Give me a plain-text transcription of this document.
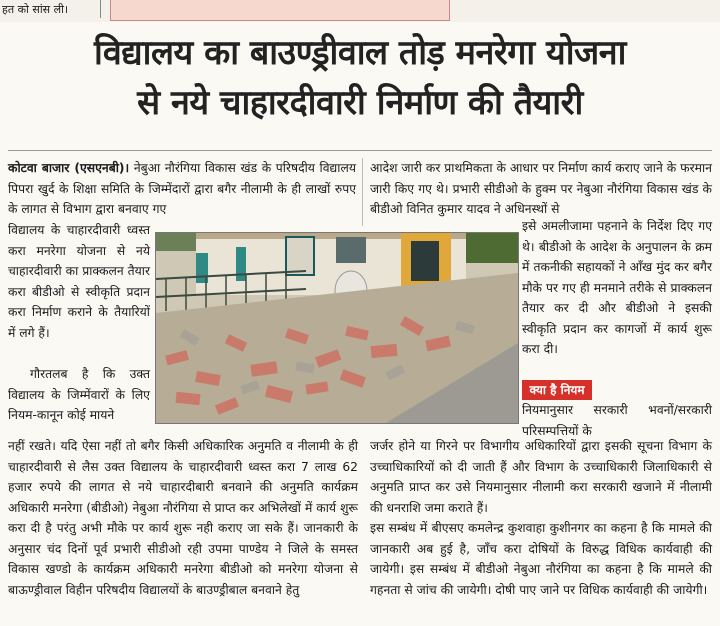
हत को सांस ली।
विद्यालय का बाउण्ड्रीवाल तोड़ मनरेगा योजना
से नये चाहारदीवारी निर्माण की तैयारी
कोटवा बाजार (एसएनबी)। नेबुआ नौरंगिया विकास खंड के परिषदीय विद्यालय पिपरा खुर्द के शिक्षा समिति के जिम्मेंदारों द्वारा बगैर नीलामी के ही लाखों रुपए के लागत से विभाग द्वारा बनवाए गए
आदेश जारी कर प्राथमिकता के आधार पर निर्माण कार्य कराए जाने के फरमान जारी किए गए थे। प्रभारी सीडीओ के हुक्म पर नेबुआ नौरंगिया विकास खंड के बीडीओ विनित कुमार यादव ने अधिनस्थों से
विद्यालय के चाहारदीवारी ध्वस्त करा मनरेगा योजना से नये चाहारदीवारी का प्राक्कलन तैयार करा बीडीओ से स्वीकृति प्रदान करा निर्माण कराने के तैयारियों में लगे हैं।
गौरतलब है कि उक्त विद्यालय के जिम्मेंवारों के लिए नियम-कानून कोई मायने
इसे अमलीजामा पहनाने के निर्देश दिए गए थे। बीडीओ के आदेश के अनुपालन के क्रम में तकनीकी सहायकों ने आँख मुंद कर बगैर मौके पर गए ही मनमाने तरीके से प्राक्कलन तैयार कर दी और बीडीओ ने इसकी स्वीकृति प्रदान कर कागजों में कार्य शुरू करा दी।
क्या है नियम
नियमानुसार सरकारी भवनों/सरकारी परिसम्पत्तियों के
नहीं रखते। यदि ऐसा नहीं तो बगैर किसी अधिकारिक अनुमति व नीलामी के ही चाहारदीवारी से लैस उक्त विद्यालय के चाहारदीवारी ध्वस्त करा 7 लाख 62 हजार रुपये की लागत से नये चाहारदीबारी बनवाने की अनुमति कार्यक्रम अधिकारी मनरेगा (बीडीओ) नेबुआ नौरंगिया से प्राप्त कर अभिलेखों में कार्य शुरू करा दी है परंतु अभी मौके पर कार्य शुरू नही कराए जा सके हैं। जानकारी के अनुसार चंद दिनों पूर्व प्रभारी सीडीओ रही उपमा पाण्डेय ने जिले के समस्त विकास खण्डो के कार्यक्रम अधिकारी मनरेगा बीडीओ को मनरेगा योजना से बाऊण्ड्रीवाल विहीन परिषदीय विद्यालयों के बाउण्ड्रीबाल बनवाने हेतु
जर्जर होने या गिरने पर विभागीय अधिकारियों द्वारा इसकी सूचना विभाग के उच्चाधिकारियों को दी जाती हैं और विभाग के उच्चाधिकारी जिलाधिकारी से अनुमति प्राप्त कर उसे नियमानुसार नीलामी करा सरकारी खजाने में नीलामी की धनराशि जमा कराते हैं।
इस सम्बंध में बीएसए कमलेन्द्र कुशवाहा कुशीनगर का कहना है कि मामले की जानकारी अब हुई है, जाँच करा दोषियों के विरुद्ध विधिक कार्यवाही की जायेगी। इस सम्बंध में बीडीओ नेबुआ नौरंगिया का कहना है कि मामले की गहनता से जांच की जायेगी। दोषी पाए जाने पर विधिक कार्यवाही की जायेगी।
